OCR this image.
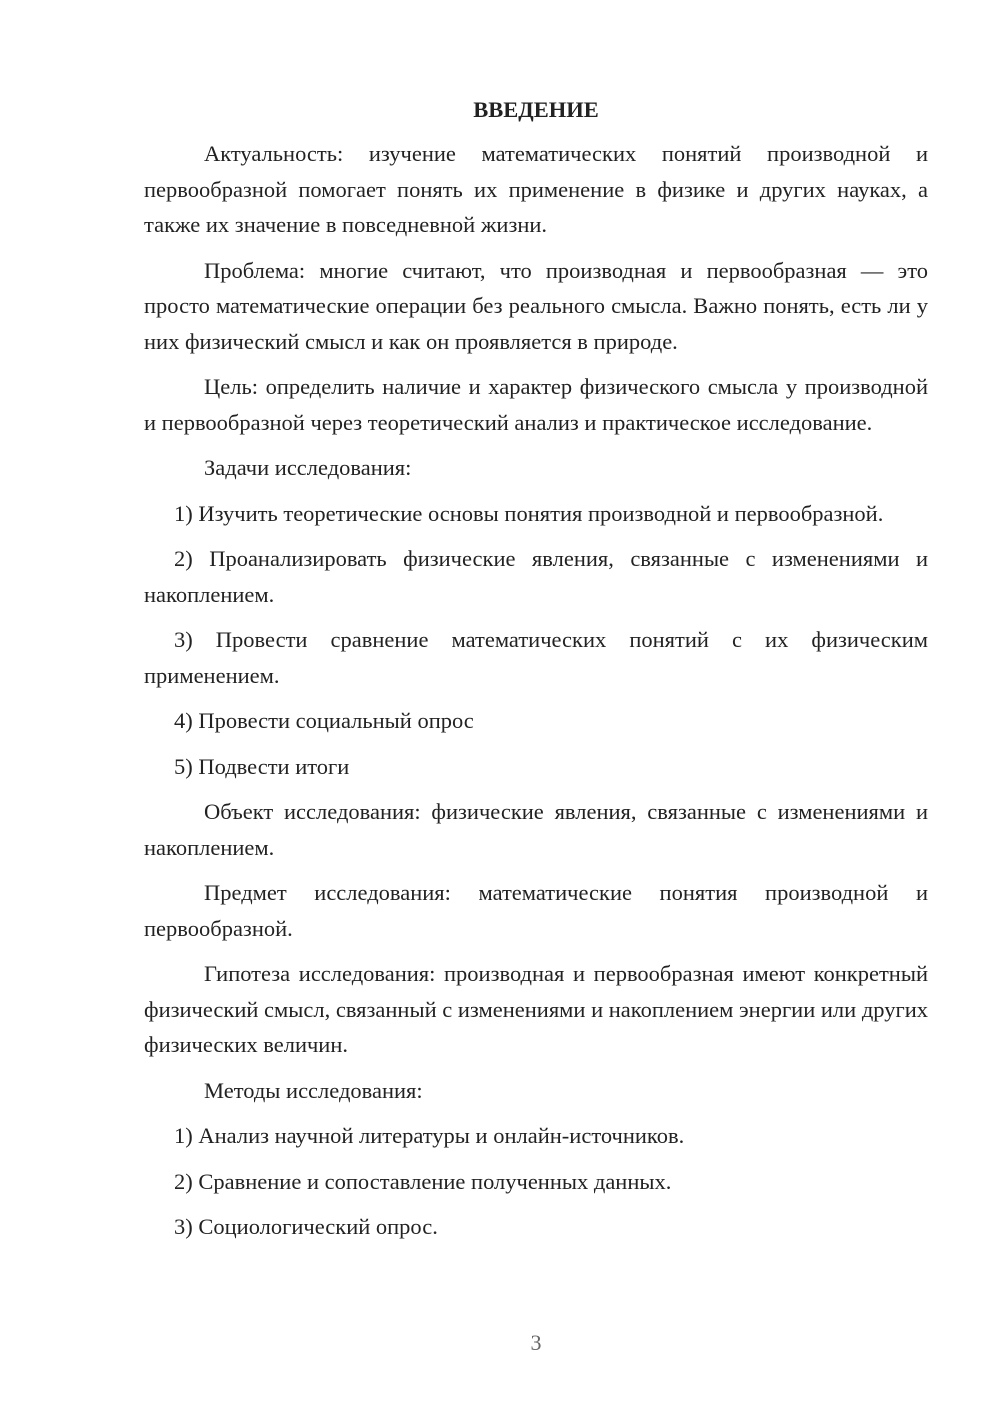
ВВЕДЕНИЕ

Актуальность: изучение математических понятий производной и первообразной помогает понять их применение в физике и других науках, а также их значение в повседневной жизни.

Проблема: многие считают, что производная и первообразная — это просто математические операции без реального смысла. Важно понять, есть ли у них физический смысл и как он проявляется в природе.

Цель: определить наличие и характер физического смысла у производной и первообразной через теоретический анализ и практическое исследование.

Задачи исследования:

1) Изучить теоретические основы понятия производной и первообразной.

2) Проанализировать физические явления, связанные с изменениями и накоплением.

3) Провести сравнение математических понятий с их физическим применением.

4) Провести социальный опрос

5) Подвести итоги

Объект исследования: физические явления, связанные с изменениями и накоплением.

Предмет исследования: математические понятия производной и первообразной.

Гипотеза исследования: производная и первообразная имеют конкретный физический смысл, связанный с изменениями и накоплением энергии или других физических величин.

Методы исследования:

1) Анализ научной литературы и онлайн-источников.

2) Сравнение и сопоставление полученных данных.

3) Социологический опрос.

3
